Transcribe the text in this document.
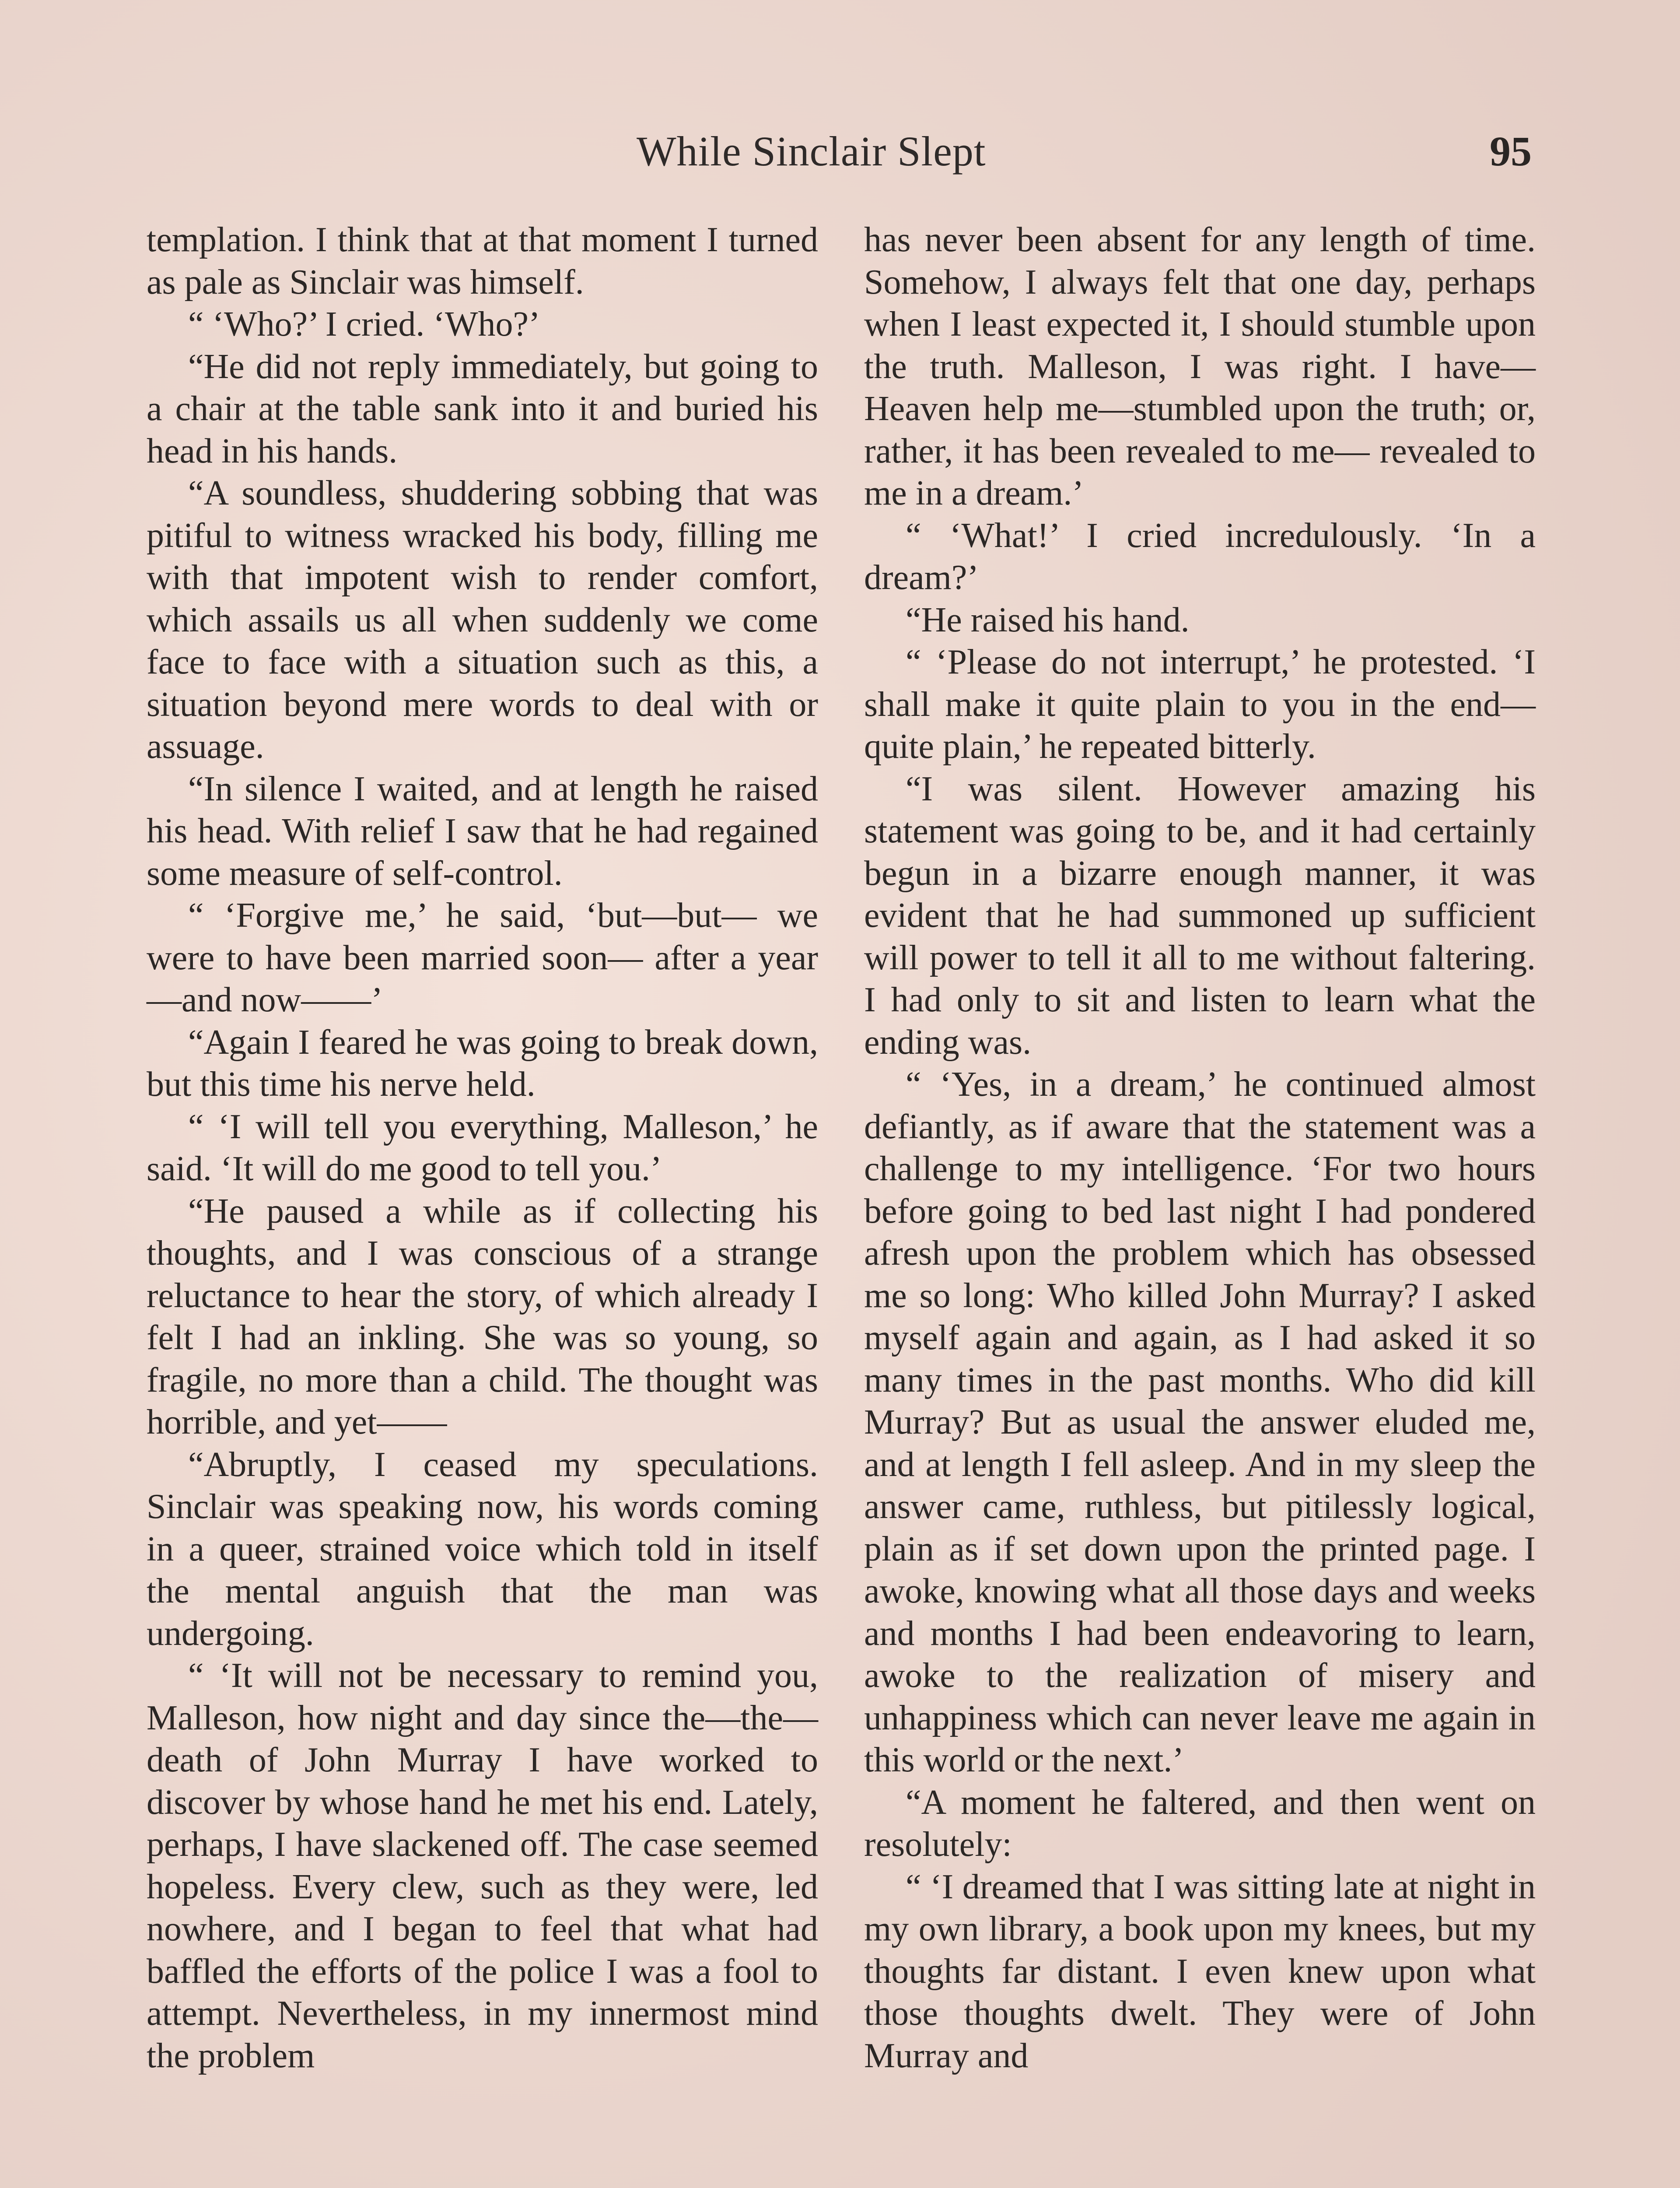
While Sinclair Slept	95

templation. I think that at that moment I turned as pale as Sinclair was himself.

“ ‘Who?’ I cried. ‘Who?’

“He did not reply immediately, but going to a chair at the table sank into it and buried his head in his hands.

“A soundless, shuddering sobbing that was pitiful to witness wracked his body, filling me with that impotent wish to render comfort, which assails us all when suddenly we come face to face with a situation such as this, a situation beyond mere words to deal with or assuage.

“In silence I waited, and at length he raised his head. With relief I saw that he had regained some measure of self-control.

“ ‘Forgive me,’ he said, ‘but—but— we were to have been married soon— after a year—and now——’

“Again I feared he was going to break down, but this time his nerve held.

“ ‘I will tell you everything, Malleson,’ he said. ‘It will do me good to tell you.’

“He paused a while as if collecting his thoughts, and I was conscious of a strange reluctance to hear the story, of which already I felt I had an inkling. She was so young, so fragile, no more than a child. The thought was horrible, and yet——

“Abruptly, I ceased my speculations. Sinclair was speaking now, his words coming in a queer, strained voice which told in itself the mental anguish that the man was undergoing.

“ ‘It will not be necessary to remind you, Malleson, how night and day since the—the—death of John Murray I have worked to discover by whose hand he met his end. Lately, perhaps, I have slackened off. The case seemed hopeless. Every clew, such as they were, led nowhere, and I began to feel that what had baffled the efforts of the police I was a fool to attempt. Nevertheless, in my innermost mind the problem

has never been absent for any length of time. Somehow, I always felt that one day, perhaps when I least expected it, I should stumble upon the truth. Malleson, I was right. I have—Heaven help me—stumbled upon the truth; or, rather, it has been revealed to me— revealed to me in a dream.’

“ ‘What!’ I cried incredulously. ‘In a dream?’

“He raised his hand.

“ ‘Please do not interrupt,’ he protested. ‘I shall make it quite plain to you in the end—quite plain,’ he repeated bitterly.

“I was silent. However amazing his statement was going to be, and it had certainly begun in a bizarre enough manner, it was evident that he had summoned up sufficient will power to tell it all to me without faltering. I had only to sit and listen to learn what the ending was.

“ ‘Yes, in a dream,’ he continued almost defiantly, as if aware that the statement was a challenge to my intelligence. ‘For two hours before going to bed last night I had pondered afresh upon the problem which has obsessed me so long: Who killed John Murray? I asked myself again and again, as I had asked it so many times in the past months. Who did kill Murray? But as usual the answer eluded me, and at length I fell asleep. And in my sleep the answer came, ruthless, but pitilessly logical, plain as if set down upon the printed page. I awoke, knowing what all those days and weeks and months I had been endeavoring to learn, awoke to the realization of misery and unhappiness which can never leave me again in this world or the next.’

“A moment he faltered, and then went on resolutely:

“ ‘I dreamed that I was sitting late at night in my own library, a book upon my knees, but my thoughts far distant. I even knew upon what those thoughts dwelt. They were of John Murray and
